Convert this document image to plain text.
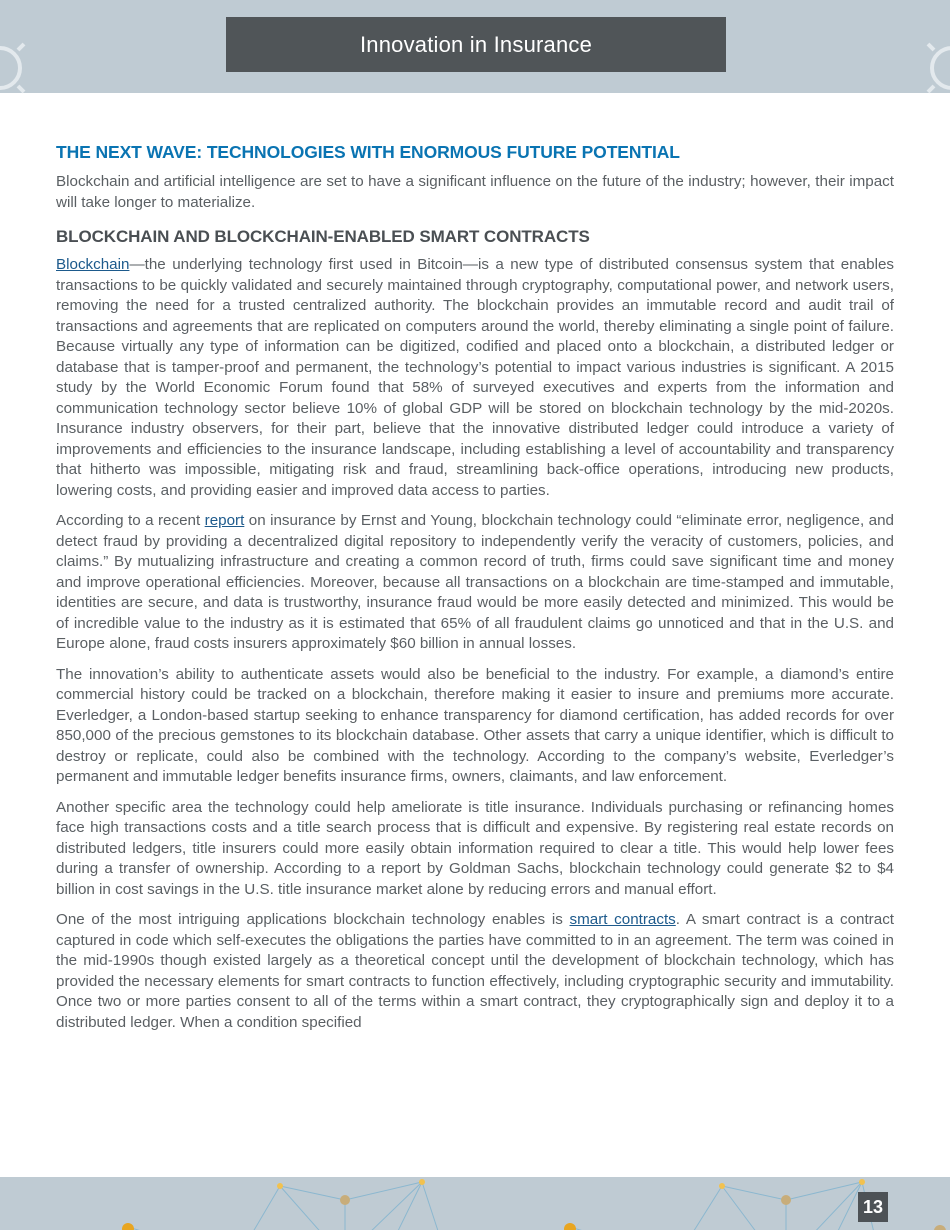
Innovation in Insurance
THE NEXT WAVE: TECHNOLOGIES WITH ENORMOUS FUTURE POTENTIAL

Blockchain and artificial intelligence are set to have a significant influence on the future of the industry; however, their impact will take longer to materialize.

BLOCKCHAIN AND BLOCKCHAIN-ENABLED SMART CONTRACTS

Blockchain—the underlying technology first used in Bitcoin—is a new type of distributed consensus system that enables transactions to be quickly validated and securely maintained through cryptography, computational power, and network users, removing the need for a trusted centralized authority. The blockchain provides an immutable record and audit trail of transactions and agreements that are replicated on computers around the world, thereby eliminating a single point of failure. Because virtually any type of information can be digitized, codified and placed onto a blockchain, a distributed ledger or database that is tamper-proof and permanent, the technology’s potential to impact various industries is significant. A 2015 study by the World Economic Forum found that 58% of surveyed executives and experts from the information and communication technology sector believe 10% of global GDP will be stored on blockchain technology by the mid-2020s. Insurance industry observers, for their part, believe that the innovative distributed ledger could introduce a variety of improvements and efficiencies to the insurance landscape, including establishing a level of accountability and transparency that hitherto was impossible, mitigating risk and fraud, streamlining back-office operations, introducing new products, lowering costs, and providing easier and improved data access to parties.

According to a recent report on insurance by Ernst and Young, blockchain technology could “eliminate error, negligence, and detect fraud by providing a decentralized digital repository to independently verify the veracity of customers, policies, and claims.” By mutualizing infrastructure and creating a common record of truth, firms could save significant time and money and improve operational efficiencies. Moreover, because all transactions on a blockchain are time-stamped and immutable, identities are secure, and data is trustworthy, insurance fraud would be more easily detected and minimized. This would be of incredible value to the industry as it is estimated that 65% of all fraudulent claims go unnoticed and that in the U.S. and Europe alone, fraud costs insurers approximately $60 billion in annual losses.

The innovation’s ability to authenticate assets would also be beneficial to the industry. For example, a diamond’s entire commercial history could be tracked on a blockchain, therefore making it easier to insure and premiums more accurate. Everledger, a London-based startup seeking to enhance transparency for diamond certification, has added records for over 850,000 of the precious gemstones to its blockchain database. Other assets that carry a unique identifier, which is difficult to destroy or replicate, could also be combined with the technology. According to the company’s website, Everledger’s permanent and immutable ledger benefits insurance firms, owners, claimants, and law enforcement.

Another specific area the technology could help ameliorate is title insurance. Individuals purchasing or refinancing homes face high transactions costs and a title search process that is difficult and expensive. By registering real estate records on distributed ledgers, title insurers could more easily obtain information required to clear a title. This would help lower fees during a transfer of ownership. According to a report by Goldman Sachs, blockchain technology could generate $2 to $4 billion in cost savings in the U.S. title insurance market alone by reducing errors and manual effort.

One of the most intriguing applications blockchain technology enables is smart contracts. A smart contract is a contract captured in code which self-executes the obligations the parties have committed to in an agreement. The term was coined in the mid-1990s though existed largely as a theoretical concept until the development of blockchain technology, which has provided the necessary elements for smart contracts to function effectively, including cryptographic security and immutability. Once two or more parties consent to all of the terms within a smart contract, they cryptographically sign and deploy it to a distributed ledger. When a condition specified

13
